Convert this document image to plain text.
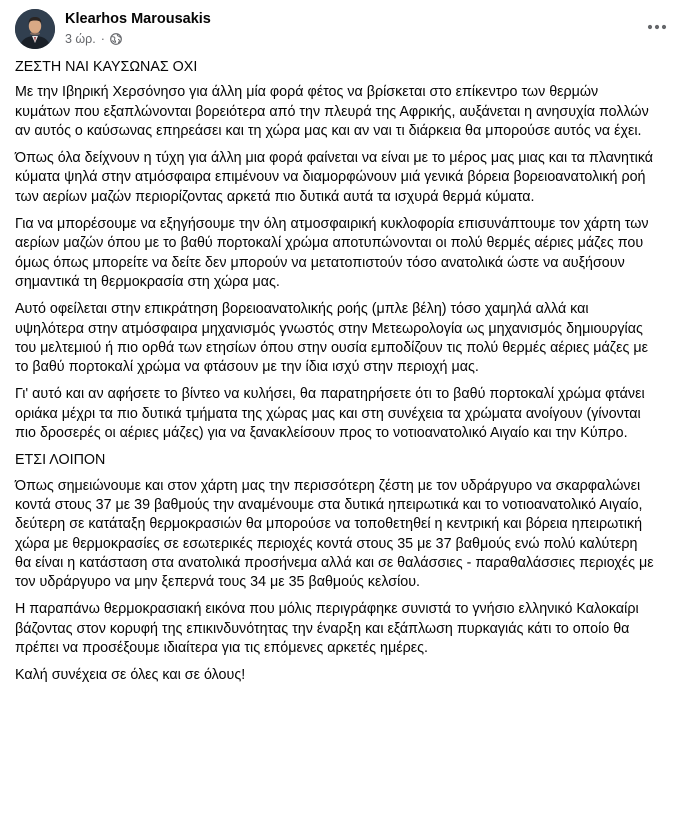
Klearhos Marousakis
3 ώρ. ·

ΖΕΣΤΗ ΝΑΙ ΚΑΥΣΩΝΑΣ ΟΧΙ

Με την Ιβηρική Χερσόνησο για άλλη μία φορά φέτος να βρίσκεται στο επίκεντρο των θερμών κυμάτων που εξαπλώνονται βορειότερα από την πλευρά της Αφρικής, αυξάνεται η ανησυχία πολλών αν αυτός ο καύσωνας επηρεάσει και τη χώρα μας και αν ναι τι διάρκεια θα μπορούσε αυτός να έχει.

Όπως όλα δείχνουν η τύχη για άλλη μια φορά φαίνεται να είναι με το μέρος μας μιας και τα πλανητικά κύματα ψηλά στην ατμόσφαιρα επιμένουν να διαμορφώνουν μιά γενικά βόρεια βορειοανατολική ροή των αερίων μαζών περιορίζοντας αρκετά πιο δυτικά αυτά τα ισχυρά θερμά κύματα.

Για να μπορέσουμε να εξηγήσουμε την όλη ατμοσφαιρική κυκλοφορία επισυνάπτουμε τον χάρτη των αερίων μαζών όπου με το βαθύ πορτοκαλί χρώμα αποτυπώνονται οι πολύ θερμές αέριες μάζες που όμως όπως μπορείτε να δείτε δεν μπορούν να μετατοπιστούν τόσο ανατολικά ώστε να αυξήσουν σημαντικά τη θερμοκρασία στη χώρα μας.

Αυτό οφείλεται στην επικράτηση βορειοανατολικής ροής (μπλε βέλη) τόσο χαμηλά αλλά και υψηλότερα στην ατμόσφαιρα μηχανισμός γνωστός στην Μετεωρολογία ως μηχανισμός δημιουργίας του μελτεμιού ή πιο ορθά των ετησίων όπου στην ουσία εμποδίζουν τις πολύ θερμές αέριες μάζες με το βαθύ πορτοκαλί χρώμα να φτάσουν με την ίδια ισχύ στην περιοχή μας.

Γι' αυτό και αν αφήσετε το βίντεο να κυλήσει, θα παρατηρήσετε ότι το βαθύ πορτοκαλί χρώμα φτάνει οριάκα μέχρι τα πιο δυτικά τμήματα της χώρας μας και στη συνέχεια τα χρώματα ανοίγουν (γίνονται πιο δροσερές οι αέριες μάζες) για να ξανακλείσουν προς το νοτιοανατολικό Αιγαίο και την Κύπρο.

ΕΤΣΙ ΛΟΙΠΟΝ

Όπως σημειώνουμε και στον χάρτη μας την περισσότερη ζέστη με τον υδράργυρο να σκαρφαλώνει κοντά στους 37 με 39 βαθμούς την αναμένουμε στα δυτικά ηπειρωτικά και το νοτιοανατολικό Αιγαίο, δεύτερη σε κατάταξη θερμοκρασιών θα μπορούσε να τοποθετηθεί η κεντρική και βόρεια ηπειρωτική χώρα με θερμοκρασίες σε εσωτερικές περιοχές κοντά στους 35 με 37 βαθμούς ενώ πολύ καλύτερη θα είναι η κατάσταση στα ανατολικά προσήνεμα αλλά και σε θαλάσσιες - παραθαλάσσιες περιοχές με τον υδράργυρο να μην ξεπερνά τους 34 με 35 βαθμούς κελσίου.

Η παραπάνω θερμοκρασιακή εικόνα που μόλις περιγράφηκε συνιστά το γνήσιο ελληνικό Καλοκαίρι βάζοντας στον κορυφή της επικινδυνότητας την έναρξη και εξάπλωση πυρκαγιάς κάτι το οποίο θα πρέπει να προσέξουμε ιδιαίτερα για τις επόμενες αρκετές ημέρες.

Καλή συνέχεια σε όλες και σε όλους!
